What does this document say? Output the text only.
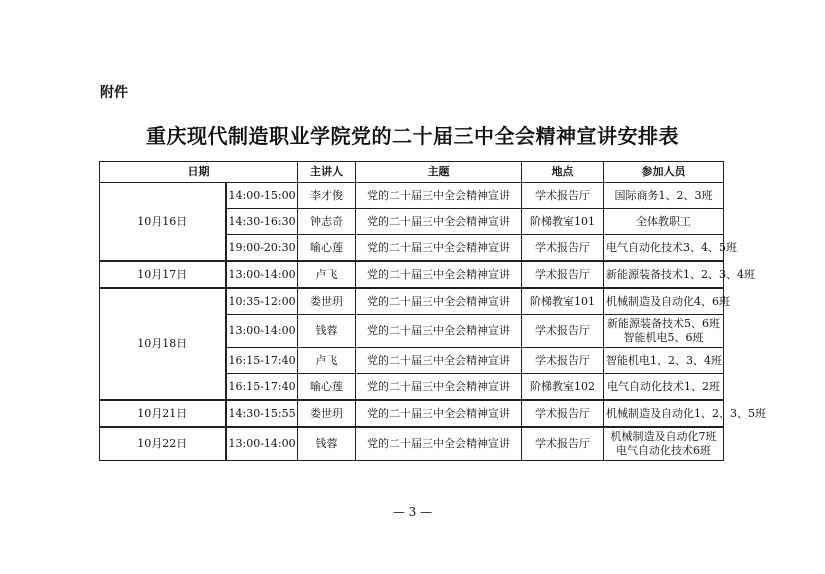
附件
重庆现代制造职业学院党的二十届三中全会精神宣讲安排表
日期		主讲人	主题	地点	参加人员
10月16日	14:00-15:00	李才俊	党的二十届三中全会精神宣讲	学术报告厅	国际商务1、2、3班

	14:30-16:30	钟志奇	党的二十届三中全会精神宣讲	阶梯教室101	全体教职工

	19:00-20:30	喻心莲	党的二十届三中全会精神宣讲	学术报告厅	电气自动化技术3、4、5班

10月17日	13:00-14:00	卢飞	党的二十届三中全会精神宣讲	学术报告厅	新能源装备技术1、2、3、4班

10月18日	10:35-12:00	娄世玥	党的二十届三中全会精神宣讲	阶梯教室101	机械制造及自动化4、6班

	13:00-14:00	钱蓉	党的二十届三中全会精神宣讲	学术报告厅	新能源装备技术5、6班
智能机电5、6班

	16:15-17:40	卢飞	党的二十届三中全会精神宣讲	学术报告厅	智能机电1、2、3、4班

	16:15-17:40	喻心莲	党的二十届三中全会精神宣讲	阶梯教室102	电气自动化技术1、2班

10月21日	14:30-15:55	娄世玥	党的二十届三中全会精神宣讲	学术报告厅	机械制造及自动化1、2、3、5班

10月22日	13:00-14:00	钱蓉	党的二十届三中全会精神宣讲	学术报告厅	机械制造及自动化7班
电气自动化技术6班
— 3 —
